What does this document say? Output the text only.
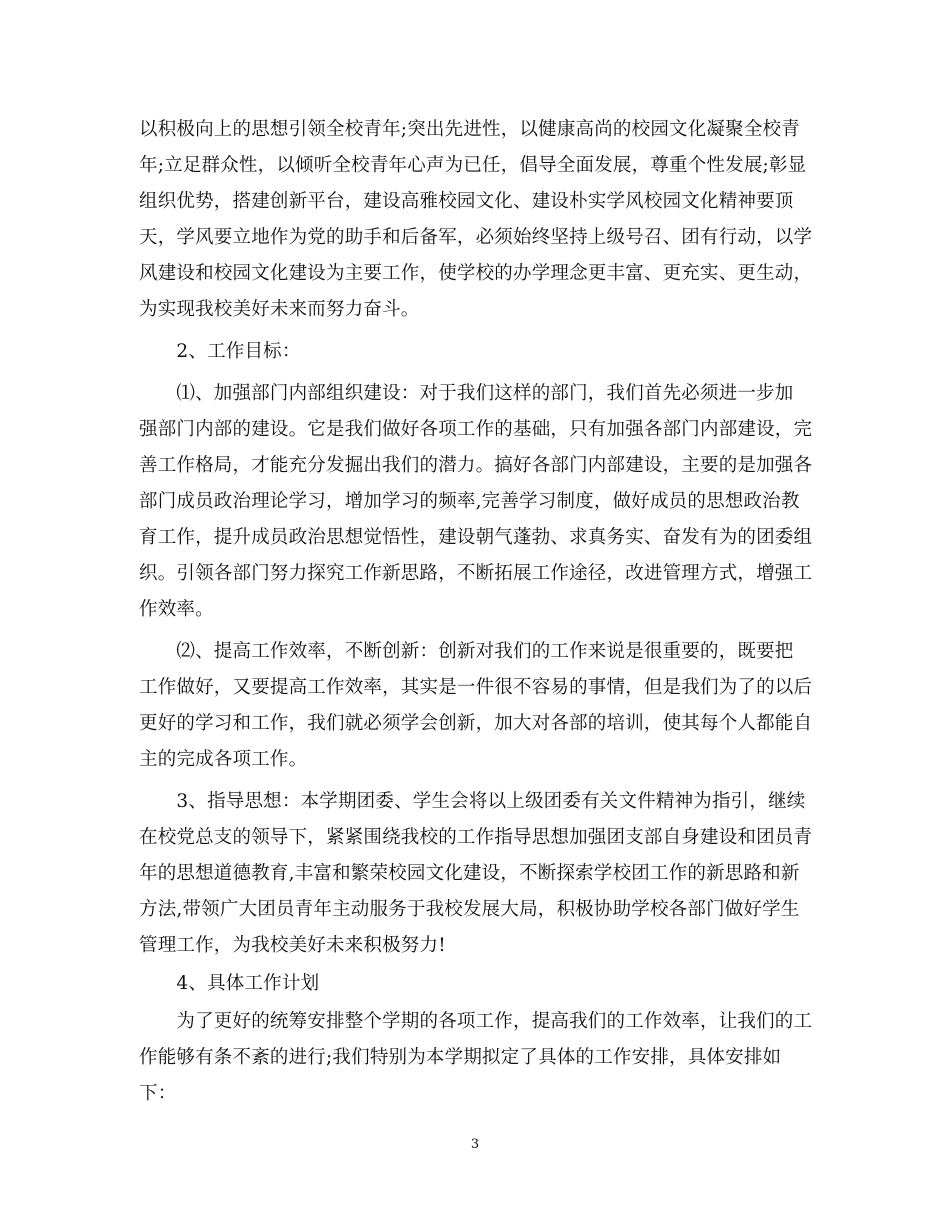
以积极向上的思想引领全校青年;突出先进性，以健康高尚的校园文化凝聚全校青
年;立足群众性，以倾听全校青年心声为已任，倡导全面发展，尊重个性发展;彰显
组织优势，搭建创新平台，建设高雅校园文化、建设朴实学风校园文化精神要顶
天，学风要立地作为党的助手和后备军，必须始终坚持上级号召、团有行动，以学
风建设和校园文化建设为主要工作，使学校的办学理念更丰富、更充实、更生动，
为实现我校美好未来而努力奋斗。

　　2、工作目标：

　　⑴、加强部门内部组织建设：对于我们这样的部门，我们首先必须进一步加
强部门内部的建设。它是我们做好各项工作的基础，只有加强各部门内部建设，完
善工作格局，才能充分发掘出我们的潜力。搞好各部门内部建设，主要的是加强各
部门成员政治理论学习，增加学习的频率,完善学习制度，做好成员的思想政治教
育工作，提升成员政治思想觉悟性，建设朝气蓬勃、求真务实、奋发有为的团委组
织。引领各部门努力探究工作新思路，不断拓展工作途径，改进管理方式，增强工
作效率。

　　⑵、提高工作效率，不断创新：创新对我们的工作来说是很重要的，既要把
工作做好，又要提高工作效率，其实是一件很不容易的事情，但是我们为了的以后
更好的学习和工作，我们就必须学会创新，加大对各部的培训，使其每个人都能自
主的完成各项工作。

　　3、指导思想：本学期团委、学生会将以上级团委有关文件精神为指引，继续
在校党总支的领导下，紧紧围绕我校的工作指导思想加强团支部自身建设和团员青
年的思想道德教育,丰富和繁荣校园文化建设，不断探索学校团工作的新思路和新
方法,带领广大团员青年主动服务于我校发展大局，积极协助学校各部门做好学生
管理工作，为我校美好未来积极努力!

　　4、具体工作计划

　　为了更好的统筹安排整个学期的各项工作，提高我们的工作效率，让我们的工
作能够有条不紊的进行;我们特别为本学期拟定了具体的工作安排，具体安排如
下：

3
